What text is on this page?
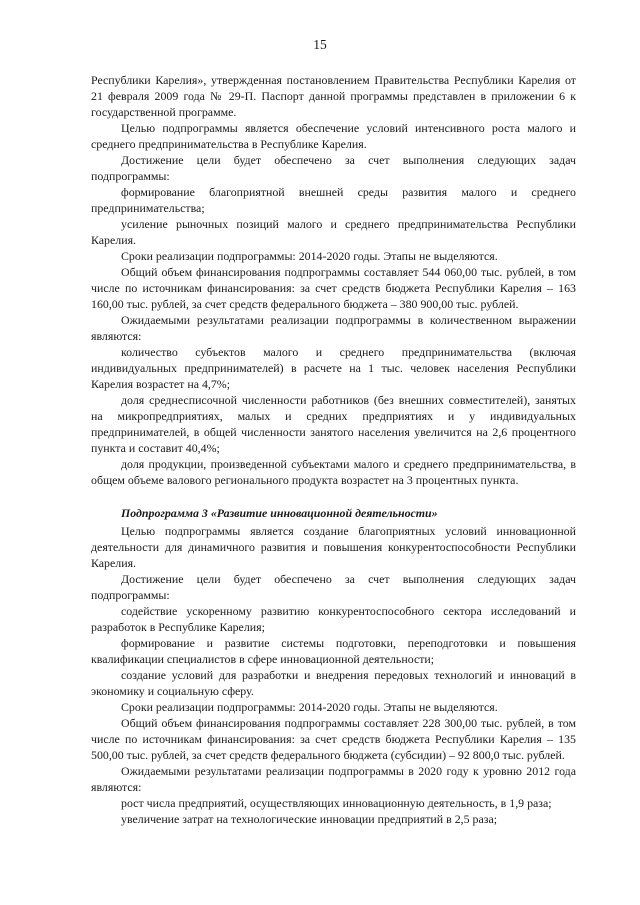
15

Республики Карелия», утвержденная постановлением Правительства Республики Карелия от 21 февраля 2009 года № 29-П. Паспорт данной программы представлен в приложении 6 к государственной программе.

Целью подпрограммы является обеспечение условий интенсивного роста малого и среднего предпринимательства в Республике Карелия.

Достижение цели будет обеспечено за счет выполнения следующих задач подпрограммы:

формирование благоприятной внешней среды развития малого и среднего предпринимательства;

усиление рыночных позиций малого и среднего предпринимательства Республики Карелия.

Сроки реализации подпрограммы: 2014-2020 годы. Этапы не выделяются.

Общий объем финансирования подпрограммы составляет 544 060,00 тыс. рублей, в том числе по источникам финансирования: за счет средств бюджета Республики Карелия – 163 160,00 тыс. рублей, за счет средств федерального бюджета – 380 900,00 тыс. рублей.

Ожидаемыми результатами реализации подпрограммы в количественном выражении являются:

количество субъектов малого и среднего предпринимательства (включая индивидуальных предпринимателей) в расчете на 1 тыс. человек населения Республики Карелия возрастет на 4,7%;

доля среднесписочной численности работников (без внешних совместителей), занятых на микропредприятиях, малых и средних предприятиях и у индивидуальных предпринимателей, в общей численности занятого населения увеличится на 2,6 процентного пункта и составит 40,4%;

доля продукции, произведенной субъектами малого и среднего предпринимательства, в общем объеме валового регионального продукта возрастет на 3 процентных пункта.

Подпрограмма 3 «Развитие инновационной деятельности»

Целью подпрограммы является создание благоприятных условий инновационной деятельности для динамичного развития и повышения конкурентоспособности Республики Карелия.

Достижение цели будет обеспечено за счет выполнения следующих задач подпрограммы:

содействие ускоренному развитию конкурентоспособного сектора исследований и разработок в Республике Карелия;

формирование и развитие системы подготовки, переподготовки и повышения квалификации специалистов в сфере инновационной деятельности;

создание условий для разработки и внедрения передовых технологий и инноваций в экономику и социальную сферу.

Сроки реализации подпрограммы: 2014-2020 годы. Этапы не выделяются.

Общий объем финансирования подпрограммы составляет 228 300,00 тыс. рублей, в том числе по источникам финансирования: за счет средств бюджета Республики Карелия – 135 500,00 тыс. рублей, за счет средств федерального бюджета (субсидии) – 92 800,0 тыс. рублей.

Ожидаемыми результатами реализации подпрограммы в 2020 году к уровню 2012 года являются:

рост числа предприятий, осуществляющих инновационную деятельность, в 1,9 раза;

увеличение затрат на технологические инновации предприятий в 2,5 раза;
